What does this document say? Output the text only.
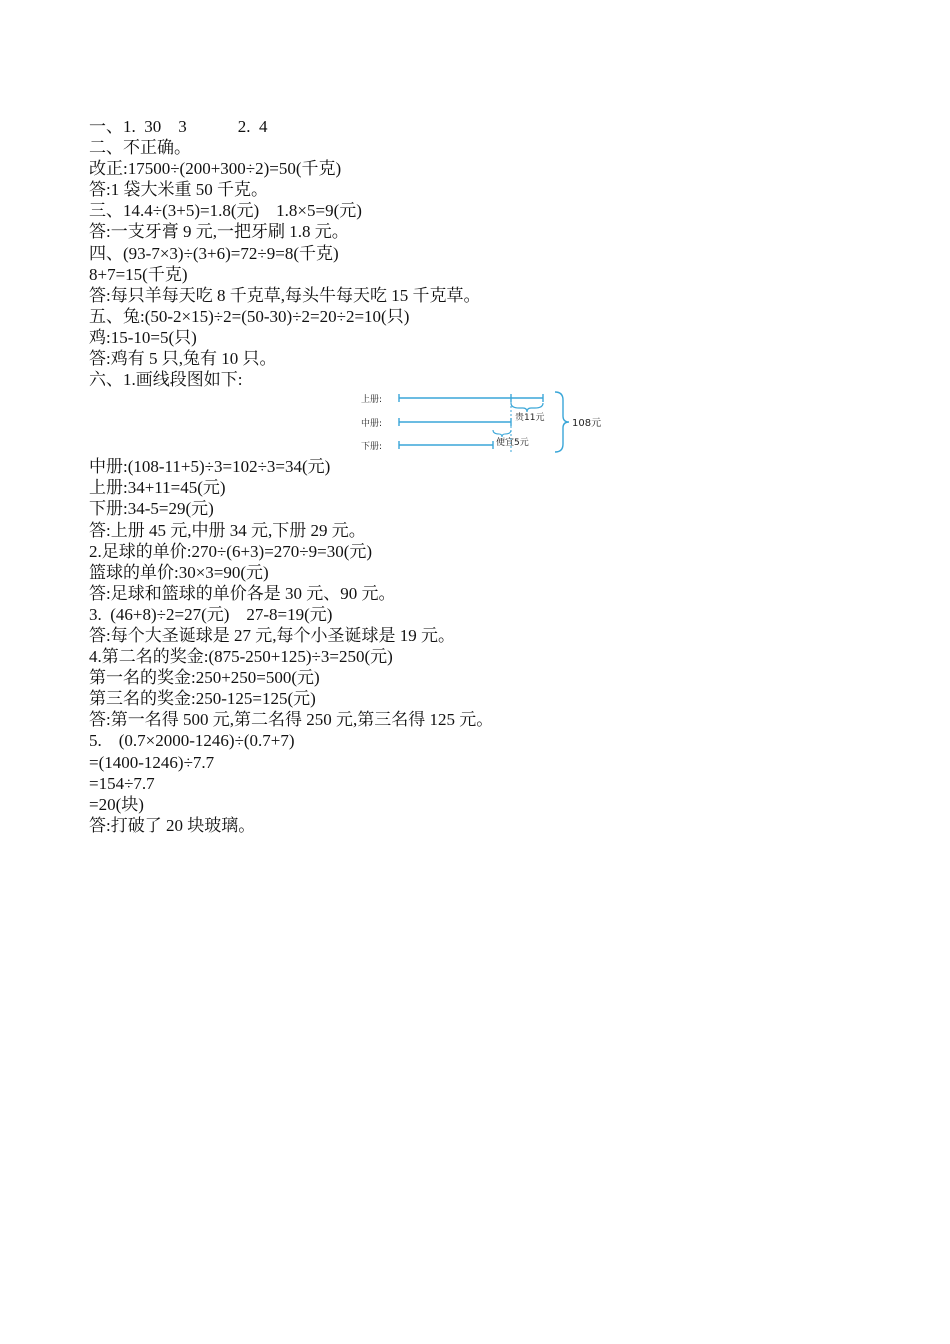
一、1.  30    3            2.  4
二、不正确。
改正:17500÷(200+300÷2)=50(千克)
答:1 袋大米重 50 千克。
三、14.4÷(3+5)=1.8(元)    1.8×5=9(元)
答:一支牙膏 9 元,一把牙刷 1.8 元。
四、(93-7×3)÷(3+6)=72÷9=8(千克)
8+7=15(千克)
答:每只羊每天吃 8 千克草,每头牛每天吃 15 千克草。
五、兔:(50-2×15)÷2=(50-30)÷2=20÷2=10(只)
鸡:15-10=5(只)
答:鸡有 5 只,兔有 10 只。
六、1.画线段图如下:
上册:
中册:
下册:
贵11元
便宜5元
108元
中册:(108-11+5)÷3=102÷3=34(元)
上册:34+11=45(元)
下册:34-5=29(元)
答:上册 45 元,中册 34 元,下册 29 元。
2.足球的单价:270÷(6+3)=270÷9=30(元)
篮球的单价:30×3=90(元)
答:足球和篮球的单价各是 30 元、90 元。
3.  (46+8)÷2=27(元)    27-8=19(元)
答:每个大圣诞球是 27 元,每个小圣诞球是 19 元。
4.第二名的奖金:(875-250+125)÷3=250(元)
第一名的奖金:250+250=500(元)
第三名的奖金:250-125=125(元)
答:第一名得 500 元,第二名得 250 元,第三名得 125 元。
5.    (0.7×2000-1246)÷(0.7+7)
=(1400-1246)÷7.7
=154÷7.7
=20(块)
答:打破了 20 块玻璃。
